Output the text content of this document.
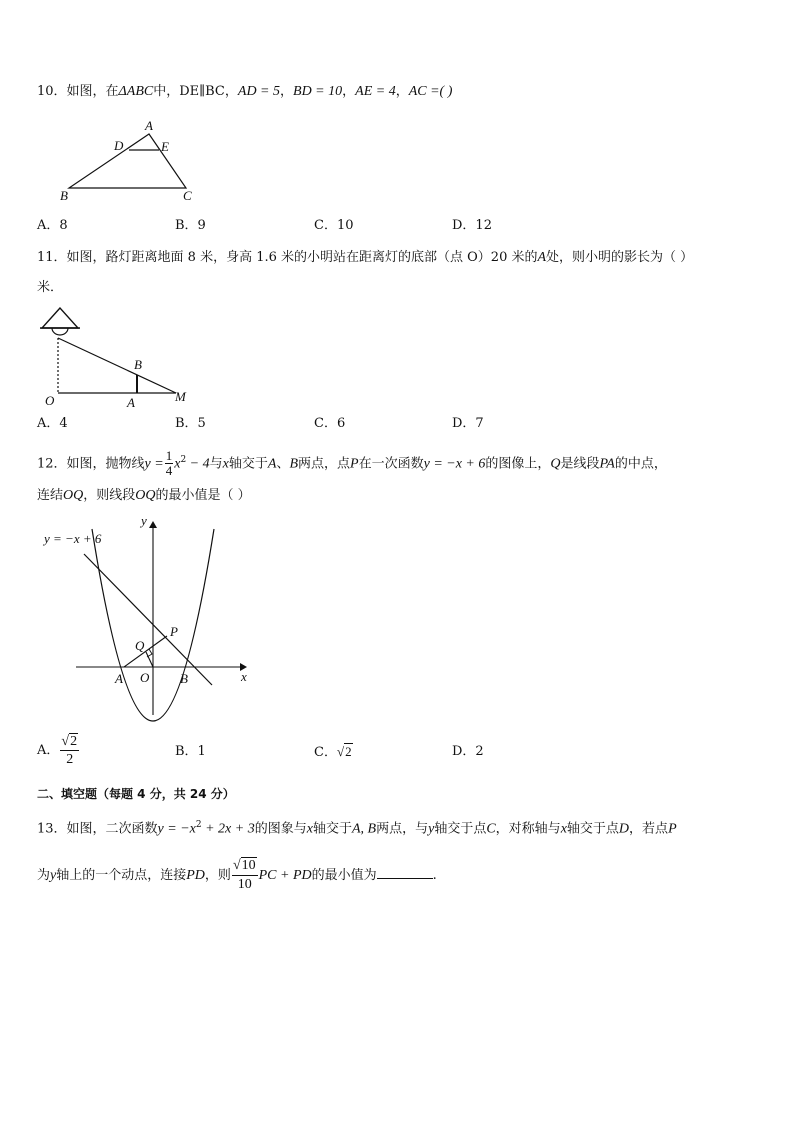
10．如图，在ΔABC中，DE∥BC，AD = 5，BD = 10，AE = 4，AC =( )
A
D	E
B	C
A．8	B．9	C．10	D．12
11．如图，路灯距离地面 8 米，身高 1.6 米的小明站在距离灯的底部（点 O）20 米的A处，则小明的影长为（ ）
米．
O	A
B
M
A．4	B．5	C．6	D．7
12．如图，抛物线$y = \frac{1}{4} x^2 - 4$与x轴交于A、B两点，点P在一次函数y = −x + 6的图像上，Q是线段PA的中点，
连结OQ，则线段OQ的最小值是（ ）
y = −x + 6
y
x
P
Q
A O B
A． $\frac{√2}{2}$	B．1	C．√2	D．2
二、填空题（每题 4 分，共 24 分）
13．如图，二次函数$y = -x^2 + 2x + 3$的图象与x轴交于A, B两点，与y轴交于点C，对称轴与x轴交于点D，若点P
为y轴上的一个动点，连接PD，则 $\frac{√10}{10}$ PC + PD的最小值为	.
